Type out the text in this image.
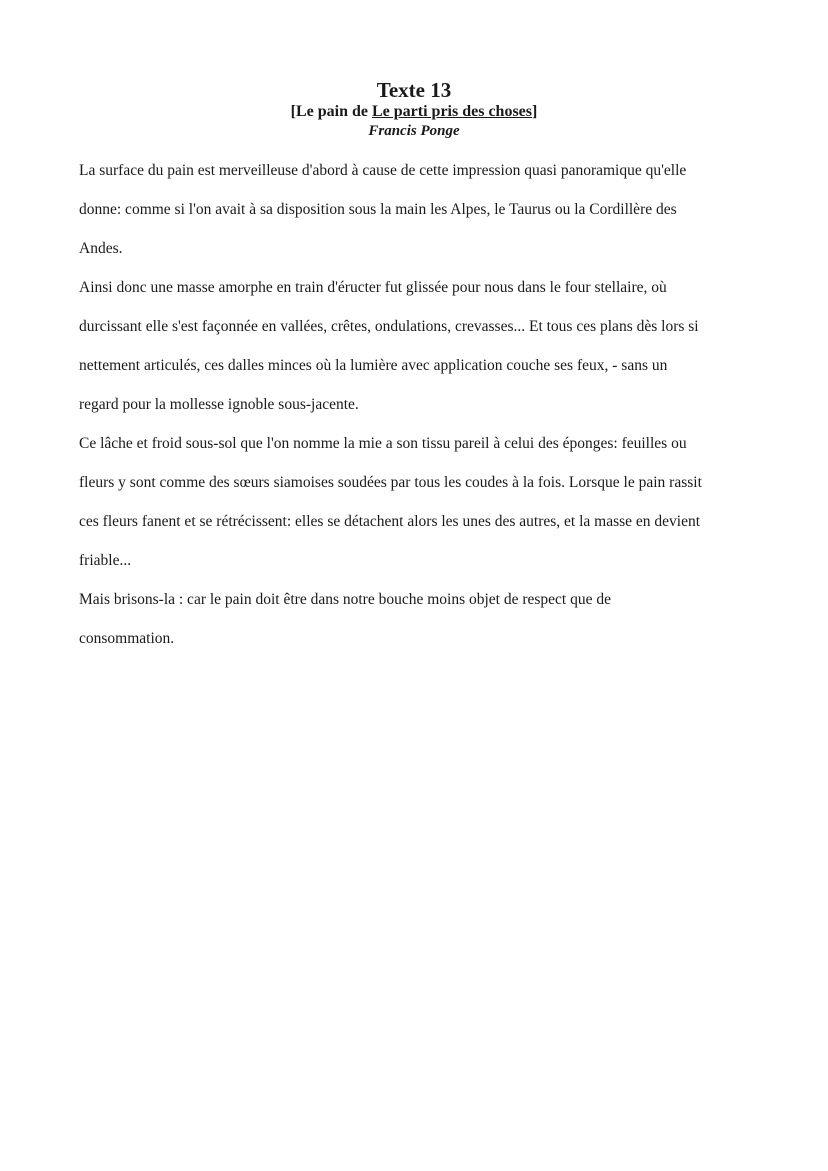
Texte 13
[Le pain de Le parti pris des choses]
Francis Ponge
La surface du pain est merveilleuse d'abord à cause de cette impression quasi panoramique qu'elle
donne: comme si l'on avait à sa disposition sous la main les Alpes, le Taurus ou la Cordillère des
Andes.
Ainsi donc une masse amorphe en train d'éructer fut glissée pour nous dans le four stellaire, où
durcissant elle s'est façonnée en vallées, crêtes, ondulations, crevasses... Et tous ces plans dès lors si
nettement articulés, ces dalles minces où la lumière avec application couche ses feux, - sans un
regard pour la mollesse ignoble sous-jacente.
Ce lâche et froid sous-sol que l'on nomme la mie a son tissu pareil à celui des éponges: feuilles ou
fleurs y sont comme des sœurs siamoises soudées par tous les coudes à la fois. Lorsque le pain rassit
ces fleurs fanent et se rétrécissent: elles se détachent alors les unes des autres, et la masse en devient
friable...
Mais brisons-la : car le pain doit être dans notre bouche moins objet de respect que de
consommation.
